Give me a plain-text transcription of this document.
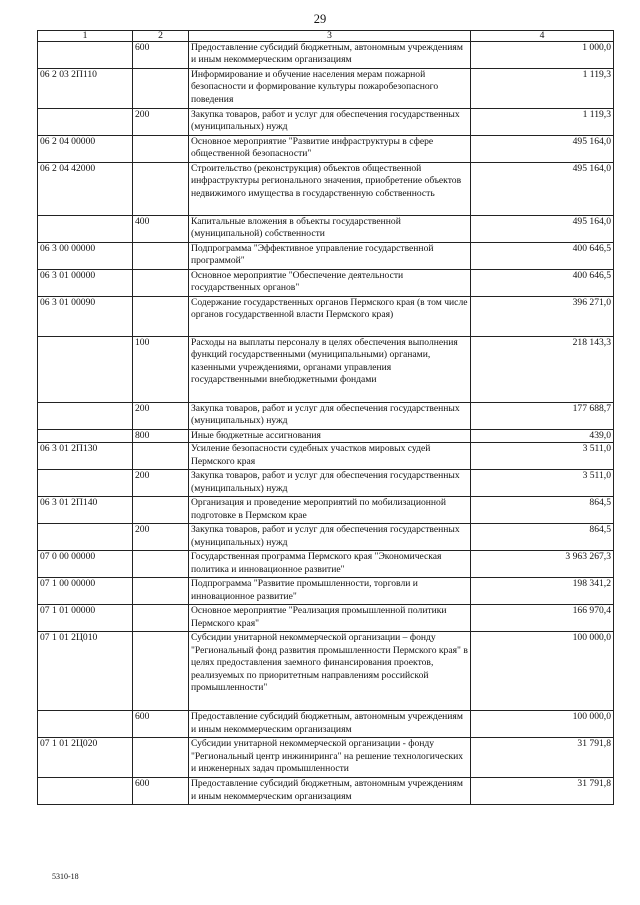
29
1	2	3	4
	600	Предоставление субсидий бюджетным, автономным учреждениям и иным некоммерческим организациям	1 000,0
06 2 03 2П110		Информирование и обучение населения мерам пожарной безопасности и формирование культуры пожаробезопасного поведения	1 119,3
	200	Закупка товаров, работ и услуг для обеспечения государственных (муниципальных) нужд	1 119,3
06 2 04 00000		Основное мероприятие "Развитие инфраструктуры в сфере общественной безопасности"	495 164,0
06 2 04 42000		Строительство (реконструкция) объектов общественной инфраструктуры регионального значения, приобретение объектов недвижимого имущества в государственную собственность	495 164,0
	400	Капитальные вложения в объекты государственной (муниципальной) собственности	495 164,0
06 3 00 00000		Подпрограмма "Эффективное управление государственной программой"	400 646,5
06 3 01 00000		Основное мероприятие "Обеспечение деятельности государственных органов"	400 646,5
06 3 01 00090		Содержание государственных органов Пермского края (в том числе органов государственной власти Пермского края)	396 271,0
	100	Расходы на выплаты персоналу в целях обеспечения выполнения функций государственными (муниципальными) органами, казенными учреждениями, органами управления государственными внебюджетными фондами	218 143,3
	200	Закупка товаров, работ и услуг для обеспечения государственных (муниципальных) нужд	177 688,7
	800	Иные бюджетные ассигнования	439,0
06 3 01 2П130		Усиление безопасности судебных участков мировых судей Пермского края	3 511,0
	200	Закупка товаров, работ и услуг для обеспечения государственных (муниципальных) нужд	3 511,0
06 3 01 2П140		Организация и проведение мероприятий по мобилизационной подготовке в Пермском крае	864,5
	200	Закупка товаров, работ и услуг для обеспечения государственных (муниципальных) нужд	864,5
07 0 00 00000		Государственная программа Пермского края "Экономическая политика и инновационное развитие"	3 963 267,3
07 1 00 00000		Подпрограмма "Развитие промышленности, торговли и инновационное развитие"	198 341,2
07 1 01 00000		Основное мероприятие "Реализация промышленной политики Пермского края"	166 970,4
07 1 01 2Ц010		Субсидии унитарной некоммерческой организации – фонду "Региональный фонд развития промышленности Пермского края" в целях предоставления заемного финансирования проектов, реализуемых по приоритетным направлениям российской промышленности"	100 000,0
	600	Предоставление субсидий бюджетным, автономным учреждениям и иным некоммерческим организациям	100 000,0
07 1 01 2Ц020		Субсидии унитарной некоммерческой организации - фонду "Региональный центр инжиниринга" на решение технологических и инженерных задач промышленности	31 791,8
	600	Предоставление субсидий бюджетным, автономным учреждениям и иным некоммерческим организациям	31 791,8
5310-18
